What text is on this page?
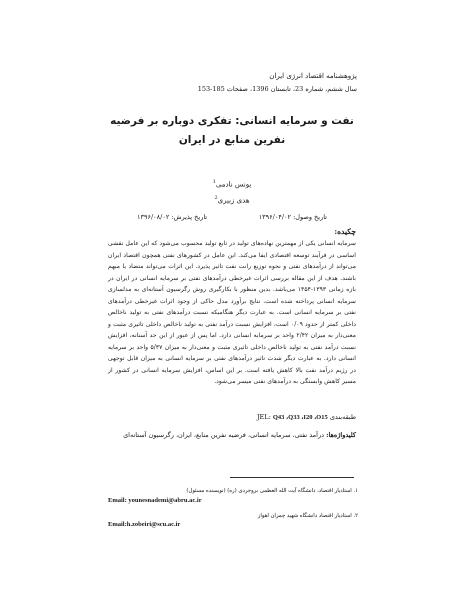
پژوهشنامه اقتصاد انرژی ایران
سال ششم، شماره 23، تابستان 1396، صفحات 185-153
نفت و سرمایه انسانی: تفکری دوباره بر فرضیه
نفرین منابع در ایران
یونس نادمی$^1$
هدی زبیری$^2$
تاریخ وصول: ۱۳۹۶/۰۴/۰۲
تاریخ پذیرش: ۱۳۹۶/۰۸/۰۲
چکیده:
سرمایه انسانی یکی از مهمترین نهاده‌های تولید در تابع تولید محسوب می‌شود که این عامل نقشی اساسی در فرآیند توسعه اقتصادی ایفا می‌کند. این عامل در کشورهای نفتی همچون اقتصاد ایران می‌تواند از درآمدهای نفتی و نحوه توزیع رانت نفت تاثیر پذیرد. این اثرات می‌تواند متضاد یا مبهم باشند. هدف از این مقاله بررسی اثرات غیرخطی درآمدهای نفتی بر سرمایه انسانی در ایران در بازه زمانی ۱۳۹۳-۱۳۵۴ می‌باشد. بدین منظور با بکارگیری روش رگرسیون آستانه‌ای به مدلسازی سرمایه انسانی پرداخته شده است. نتایج برآورد مدل حاکی از وجود اثرات غیرخطی درآمدهای نفتی بر سرمایه انسانی است. به عبارت دیگر هنگامیکه نسبت درآمدهای نفتی به تولید ناخالص داخلی کمتر از حدود ۰/۰۹ است، افزایش نسبت درآمد نفتی به تولید ناخالص داخلی تاثیری مثبت و معنی‌دار به میزان ۲/۴۲ واحد بر سرمایه انسانی دارد. اما پس از عبور از این حد آستانه، افزایش نسبت درآمد نفتی به تولید ناخالص داخلی تاثیری مثبت و معنی‌دار به میزان ۵/۳۷ واحد بر سرمایه انسانی دارد. به عبارت دیگر شدت تاثیر درآمدهای نفتی بر سرمایه انسانی به میزان قابل توجهی در رژیم درآمد نفت بالا کاهش یافته است. بر این اساس، افزایش سرمایه انسانی در کشور از مسیر کاهش وابستگی به درآمدهای نفتی میسر می‌شود.
طبقه‌بندی JEL: Q43 ،Q33 ،I20 ،O15
کلیدواژه‌ها: درآمد نفتی، سرمایه انسانی، فرضیه نفرین منابع، ایران، رگرسیون آستانه‌ای
۱. استادیار اقتصاد، دانشگاه آیت الله العظمی بروجردی (ره) (نویسنده مسئول)
Email: younesnademi@abru.ac.ir
۲. استادیار اقتصاد دانشگاه شهید چمران اهواز
Email:h.zobeiri@scu.ac.ir
